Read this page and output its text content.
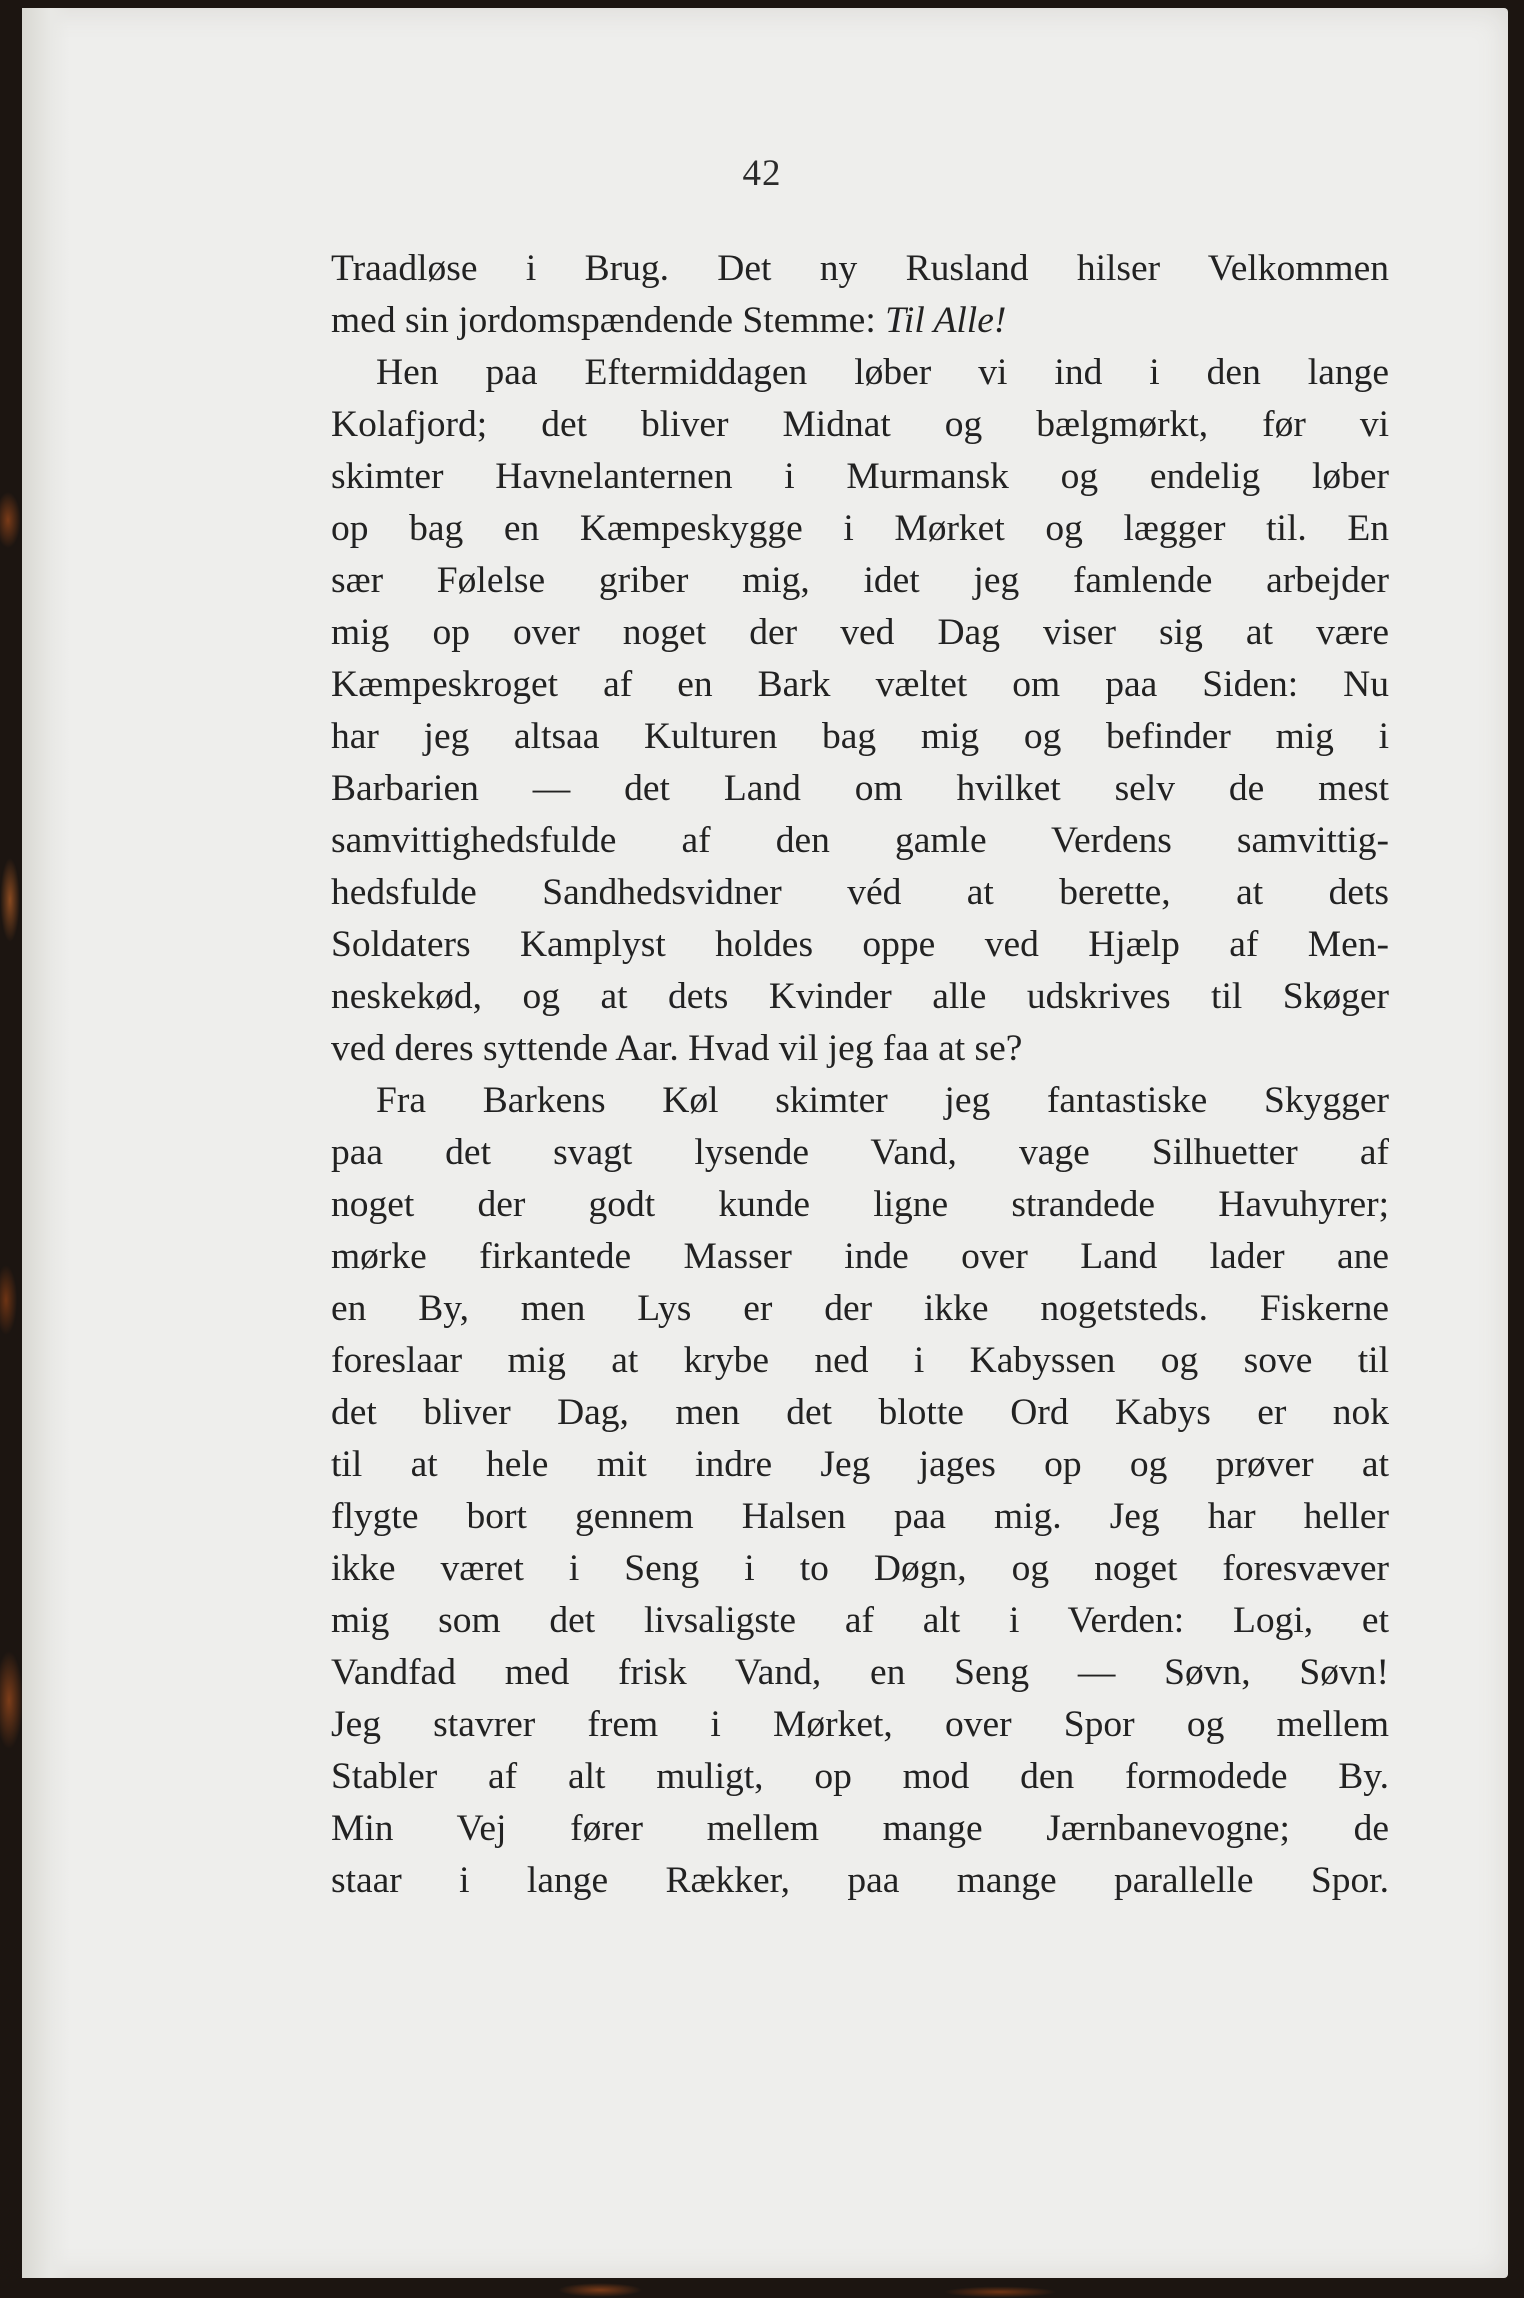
42
Traadløse i Brug. Det ny Rusland hilser Velkommen
med sin jordomspændende Stemme: Til Alle!
Hen paa Eftermiddagen løber vi ind i den lange
Kolafjord; det bliver Midnat og bælgmørkt, før vi
skimter Havnelanternen i Murmansk og endelig løber
op bag en Kæmpeskygge i Mørket og lægger til. En
sær Følelse griber mig, idet jeg famlende arbejder
mig op over noget der ved Dag viser sig at være
Kæmpeskroget af en Bark væltet om paa Siden: Nu
har jeg altsaa Kulturen bag mig og befinder mig i
Barbarien — det Land om hvilket selv de mest
samvittighedsfulde af den gamle Verdens samvittig-
hedsfulde Sandhedsvidner véd at berette, at dets
Soldaters Kamplyst holdes oppe ved Hjælp af Men-
neskekød, og at dets Kvinder alle udskrives til Skøger
ved deres syttende Aar. Hvad vil jeg faa at se?
Fra Barkens Køl skimter jeg fantastiske Skygger
paa det svagt lysende Vand, vage Silhuetter af
noget der godt kunde ligne strandede Havuhyrer;
mørke firkantede Masser inde over Land lader ane
en By, men Lys er der ikke nogetsteds. Fiskerne
foreslaar mig at krybe ned i Kabyssen og sove til
det bliver Dag, men det blotte Ord Kabys er nok
til at hele mit indre Jeg jages op og prøver at
flygte bort gennem Halsen paa mig. Jeg har heller
ikke været i Seng i to Døgn, og noget foresvæver
mig som det livsaligste af alt i Verden: Logi, et
Vandfad med frisk Vand, en Seng — Søvn, Søvn!
Jeg stavrer frem i Mørket, over Spor og mellem
Stabler af alt muligt, op mod den formodede By.
Min Vej fører mellem mange Jærnbanevogne; de
staar i lange Rækker, paa mange parallelle Spor.
